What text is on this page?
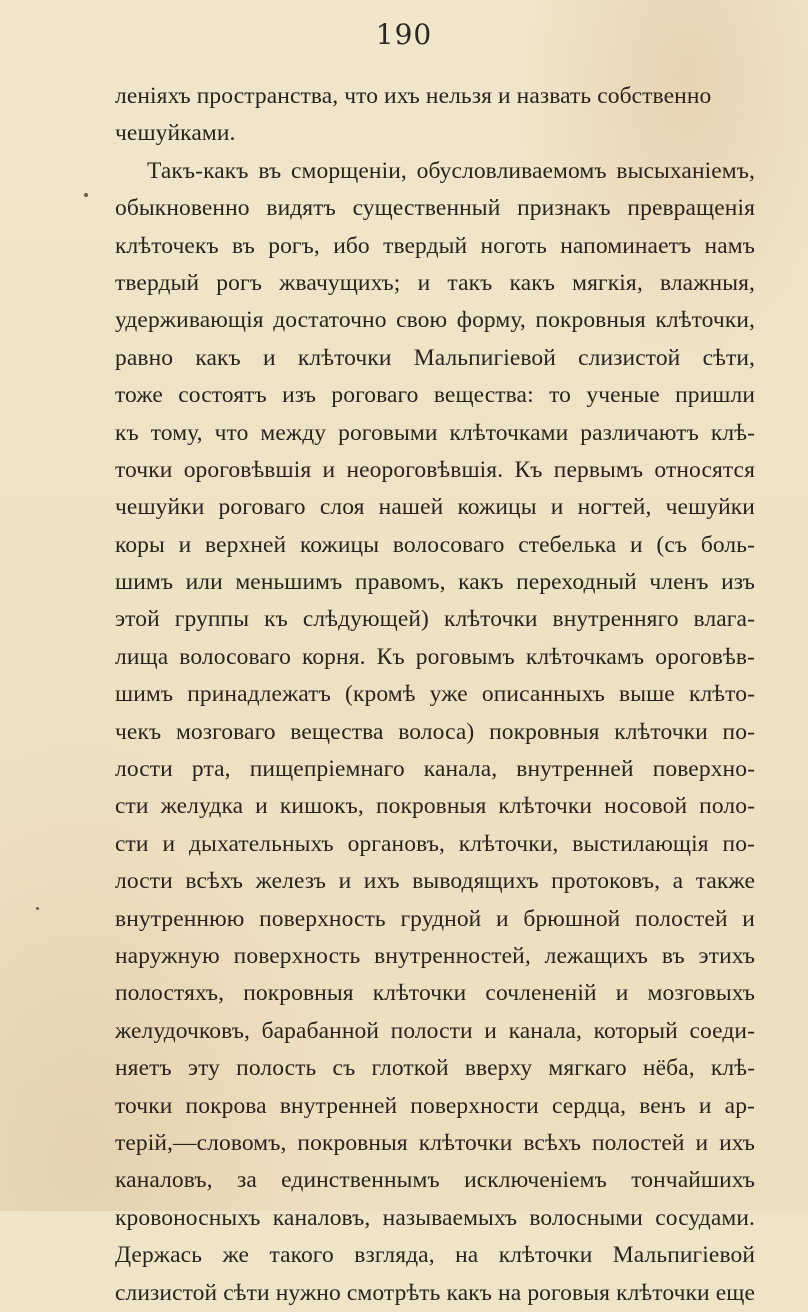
190
леніяхъ пространства, что ихъ нельзя и назвать собственно
чешуйками.
Такъ-какъ въ сморщеніи, обусловливаемомъ высыханіемъ,
обыкновенно видятъ существенный признакъ превращенія
клѣточекъ въ рогъ, ибо твердый ноготь напоминаетъ намъ
твердый рогъ жвачущихъ; и такъ какъ мягкія, влажныя,
удерживающія достаточно свою форму, покровныя клѣточки,
равно какъ и клѣточки Мальпигіевой слизистой сѣти,
тоже состоятъ изъ роговаго вещества: то ученые пришли
къ тому, что между роговыми клѣточками различаютъ клѣ-
точки ороговѣвшія и неороговѣвшія. Къ первымъ относятся
чешуйки роговаго слоя нашей кожицы и ногтей, чешуйки
коры и верхней кожицы волосоваго стебелька и (съ боль-
шимъ или меньшимъ правомъ, какъ переходный членъ изъ
этой группы къ слѣдующей) клѣточки внутренняго влага-
лища волосоваго корня. Къ роговымъ клѣточкамъ ороговѣв-
шимъ принадлежатъ (кромѣ уже описанныхъ выше клѣто-
чекъ мозговаго вещества волоса) покровныя клѣточки по-
лости рта, пищепріемнаго канала, внутренней поверхно-
сти желудка и кишокъ, покровныя клѣточки носовой поло-
сти и дыхательныхъ органовъ, клѣточки, выстилающія по-
лости всѣхъ железъ и ихъ выводящихъ протоковъ, а также
внутреннюю поверхность грудной и брюшной полостей и
наружную поверхность внутренностей, лежащихъ въ этихъ
полостяхъ, покровныя клѣточки сочлененій и мозговыхъ
желудочковъ, барабанной полости и канала, который соеди-
няетъ эту полость съ глоткой вверху мягкаго нёба, клѣ-
точки покрова внутренней поверхности сердца, венъ и ар-
терій,—словомъ, покровныя клѣточки всѣхъ полостей и ихъ
каналовъ, за единственнымъ исключеніемъ тончайшихъ
кровоносныхъ каналовъ, называемыхъ волосными сосудами.
Держась же такого взгляда, на клѣточки Мальпигіевой
слизистой сѣти нужно смотрѣть какъ на роговыя клѣточки еще
